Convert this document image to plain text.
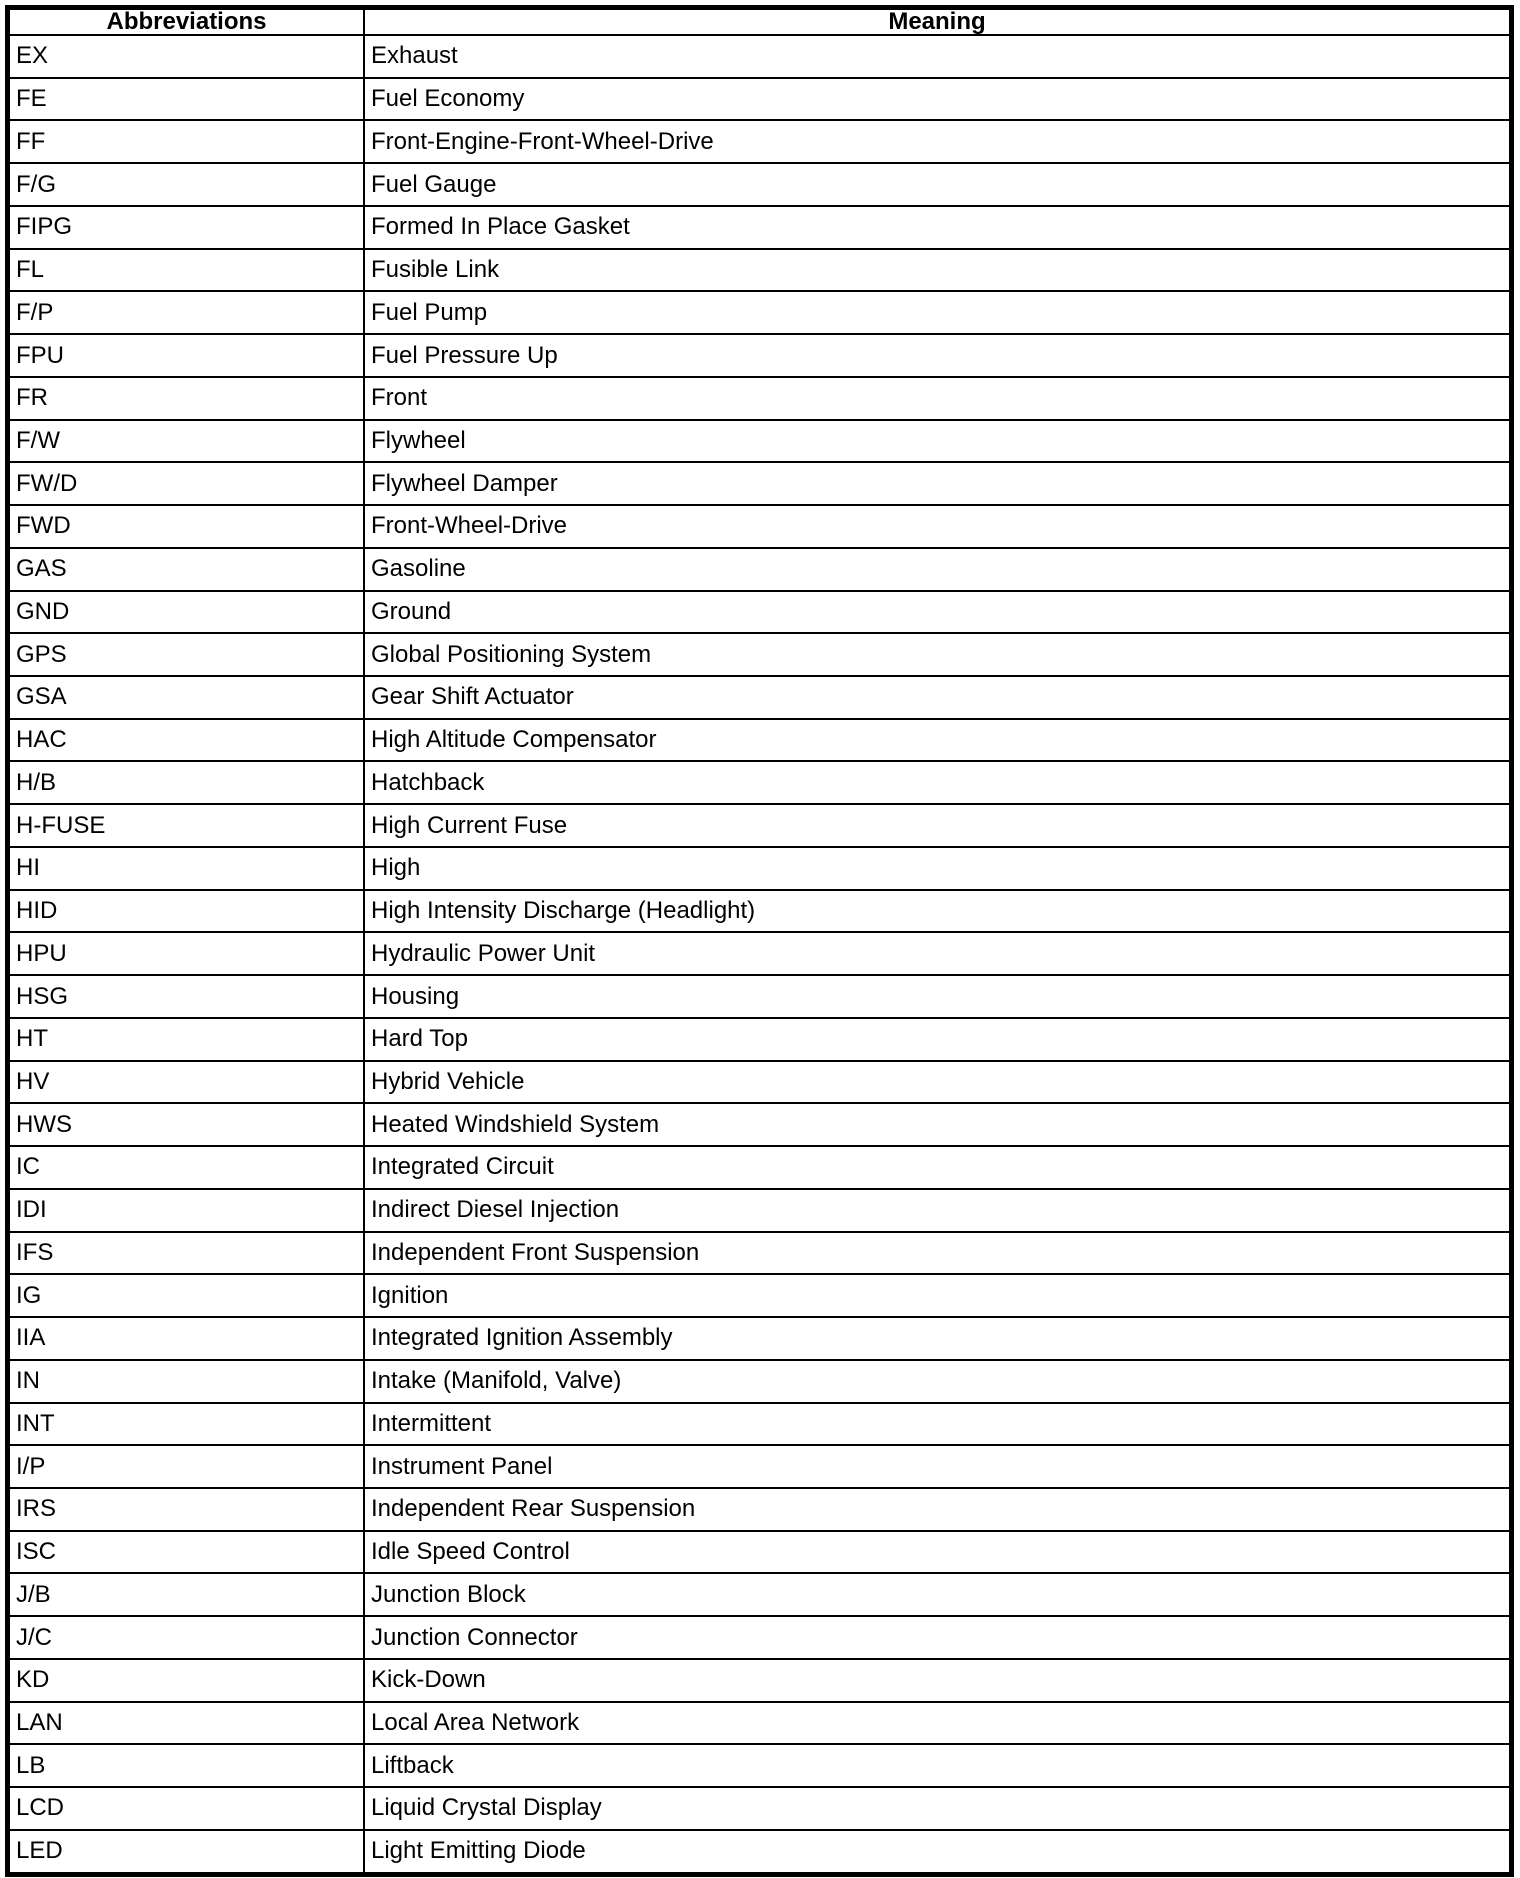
Abbreviations	Meaning
EX	Exhaust
FE	Fuel Economy
FF	Front-Engine-Front-Wheel-Drive
F/G	Fuel Gauge
FIPG	Formed In Place Gasket
FL	Fusible Link
F/P	Fuel Pump
FPU	Fuel Pressure Up
FR	Front
F/W	Flywheel
FW/D	Flywheel Damper
FWD	Front-Wheel-Drive
GAS	Gasoline
GND	Ground
GPS	Global Positioning System
GSA	Gear Shift Actuator
HAC	High Altitude Compensator
H/B	Hatchback
H-FUSE	High Current Fuse
HI	High
HID	High Intensity Discharge (Headlight)
HPU	Hydraulic Power Unit
HSG	Housing
HT	Hard Top
HV	Hybrid Vehicle
HWS	Heated Windshield System
IC	Integrated Circuit
IDI	Indirect Diesel Injection
IFS	Independent Front Suspension
IG	Ignition
IIA	Integrated Ignition Assembly
IN	Intake (Manifold, Valve)
INT	Intermittent
I/P	Instrument Panel
IRS	Independent Rear Suspension
ISC	Idle Speed Control
J/B	Junction Block
J/C	Junction Connector
KD	Kick-Down
LAN	Local Area Network
LB	Liftback
LCD	Liquid Crystal Display
LED	Light Emitting Diode
